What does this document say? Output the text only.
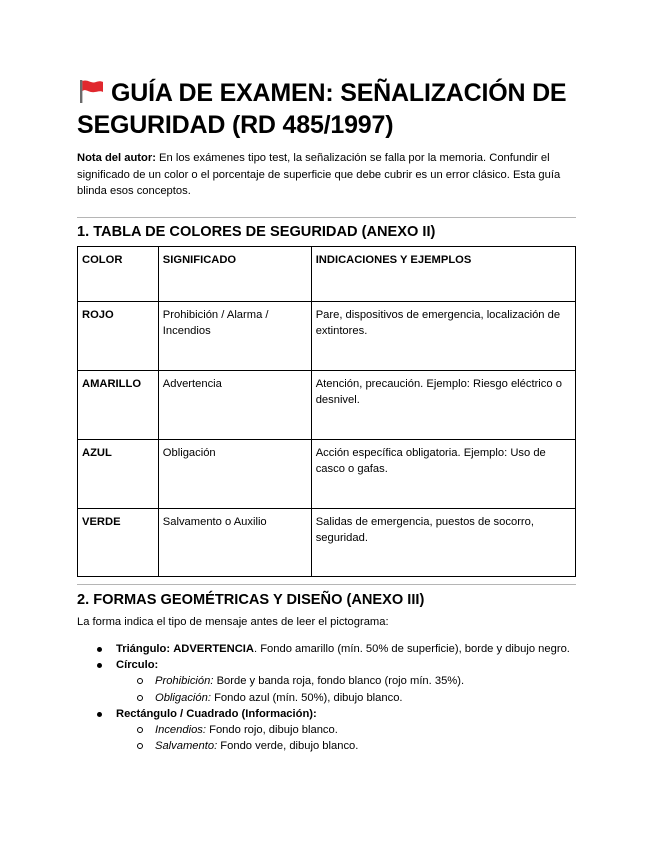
GUÍA DE EXAMEN: SEÑALIZACIÓN DE SEGURIDAD (RD 485/1997)
Nota del autor: En los exámenes tipo test, la señalización se falla por la memoria. Confundir el significado de un color o el porcentaje de superficie que debe cubrir es un error clásico. Esta guía blinda esos conceptos.
1. TABLA DE COLORES DE SEGURIDAD (ANEXO II)
COLOR	SIGNIFICADO	INDICACIONES Y EJEMPLOS
ROJO	Prohibición / Alarma / Incendios	Pare, dispositivos de emergencia, localización de extintores.
AMARILLO	Advertencia	Atención, precaución. Ejemplo: Riesgo eléctrico o desnivel.
AZUL	Obligación	Acción específica obligatoria. Ejemplo: Uso de casco o gafas.
VERDE	Salvamento o Auxilio	Salidas de emergencia, puestos de socorro, seguridad.
2. FORMAS GEOMÉTRICAS Y DISEÑO (ANEXO III)
La forma indica el tipo de mensaje antes de leer el pictograma:
Triángulo: ADVERTENCIA. Fondo amarillo (mín. 50% de superficie), borde y dibujo negro.
Círculo:
Prohibición: Borde y banda roja, fondo blanco (rojo mín. 35%).
Obligación: Fondo azul (mín. 50%), dibujo blanco.
Rectángulo / Cuadrado (Información):
Incendios: Fondo rojo, dibujo blanco.
Salvamento: Fondo verde, dibujo blanco.
